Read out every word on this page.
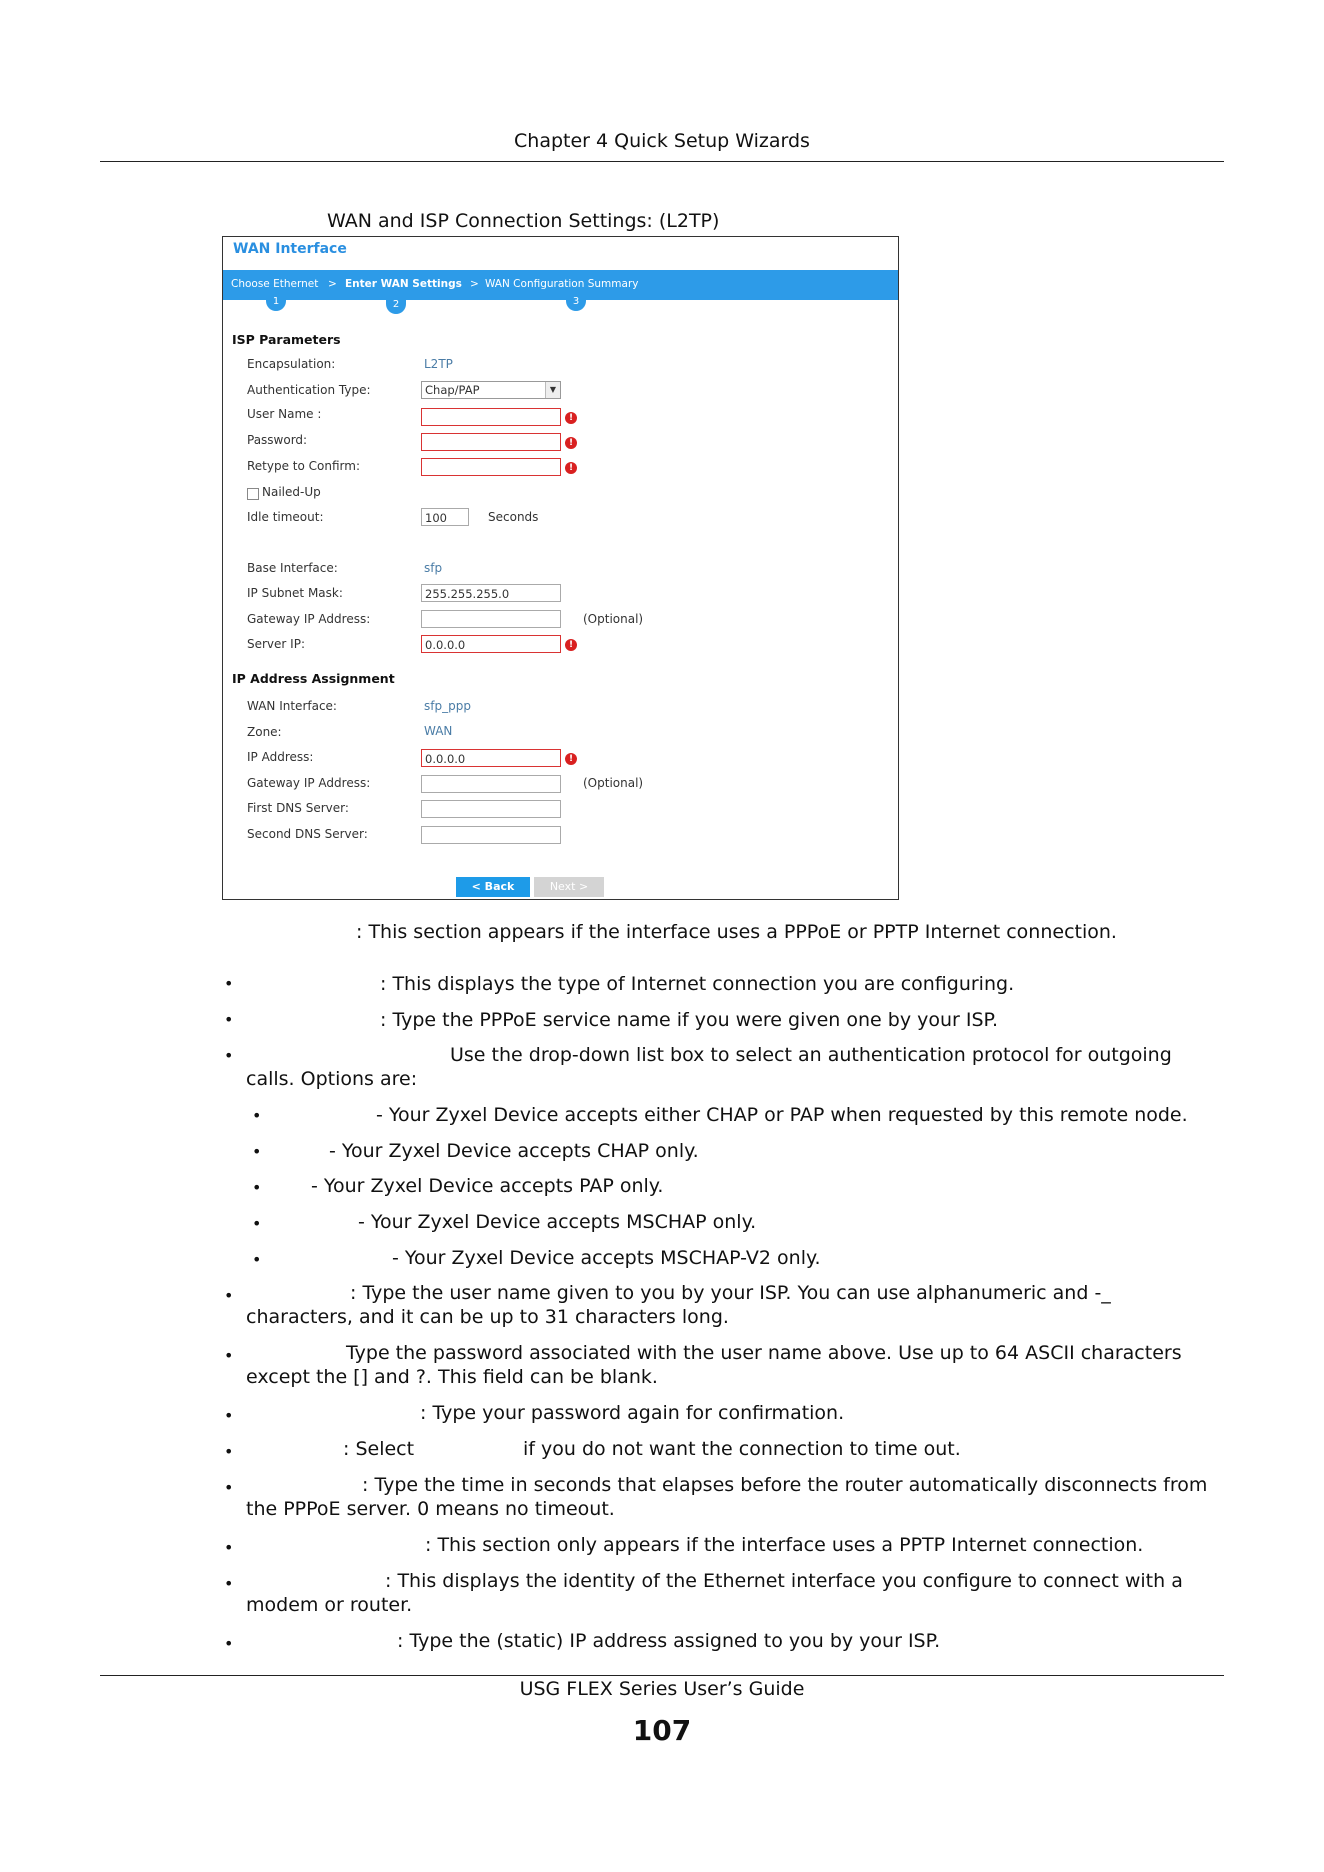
Chapter 4 Quick Setup Wizards
WAN and ISP Connection Settings: (L2TP)
WAN Interface
Choose Ethernet > Enter WAN Settings > WAN Configuration Summary
1	2	3
ISP Parameters
Encapsulation:	L2TP
Authentication Type:	Chap/PAP	▼
User Name :	!
Password:	!
Retype to Confirm:	!
Nailed-Up
Idle timeout:	100	Seconds
Base Interface:	sfp
IP Subnet Mask:	255.255.255.0
Gateway IP Address:	(Optional)
Server IP:	0.0.0.0	!
IP Address Assignment
WAN Interface:	sfp_ppp
Zone:	WAN
IP Address:	0.0.0.0	!
Gateway IP Address:	(Optional)
First DNS Server:
Second DNS Server:
< Back	Next >
: This section appears if the interface uses a PPPoE or PPTP Internet connection.
•	: This displays the type of Internet connection you are configuring.
•	: Type the PPPoE service name if you were given one by your ISP.
•	Use the drop-down list box to select an authentication protocol for outgoing
calls. Options are:
•	- Your Zyxel Device accepts either CHAP or PAP when requested by this remote node.
•	- Your Zyxel Device accepts CHAP only.
•	- Your Zyxel Device accepts PAP only.
•	- Your Zyxel Device accepts MSCHAP only.
•	- Your Zyxel Device accepts MSCHAP-V2 only.
•	: Type the user name given to you by your ISP. You can use alphanumeric and -_
characters, and it can be up to 31 characters long.
•	Type the password associated with the user name above. Use up to 64 ASCII characters
except the [] and ?. This field can be blank.
•	: Type your password again for confirmation.
•	: Select	if you do not want the connection to time out.
•	: Type the time in seconds that elapses before the router automatically disconnects from
the PPPoE server. 0 means no timeout.
•	: This section only appears if the interface uses a PPTP Internet connection.
•	: This displays the identity of the Ethernet interface you configure to connect with a
modem or router.
•	: Type the (static) IP address assigned to you by your ISP.
USG FLEX Series User’s Guide
107
